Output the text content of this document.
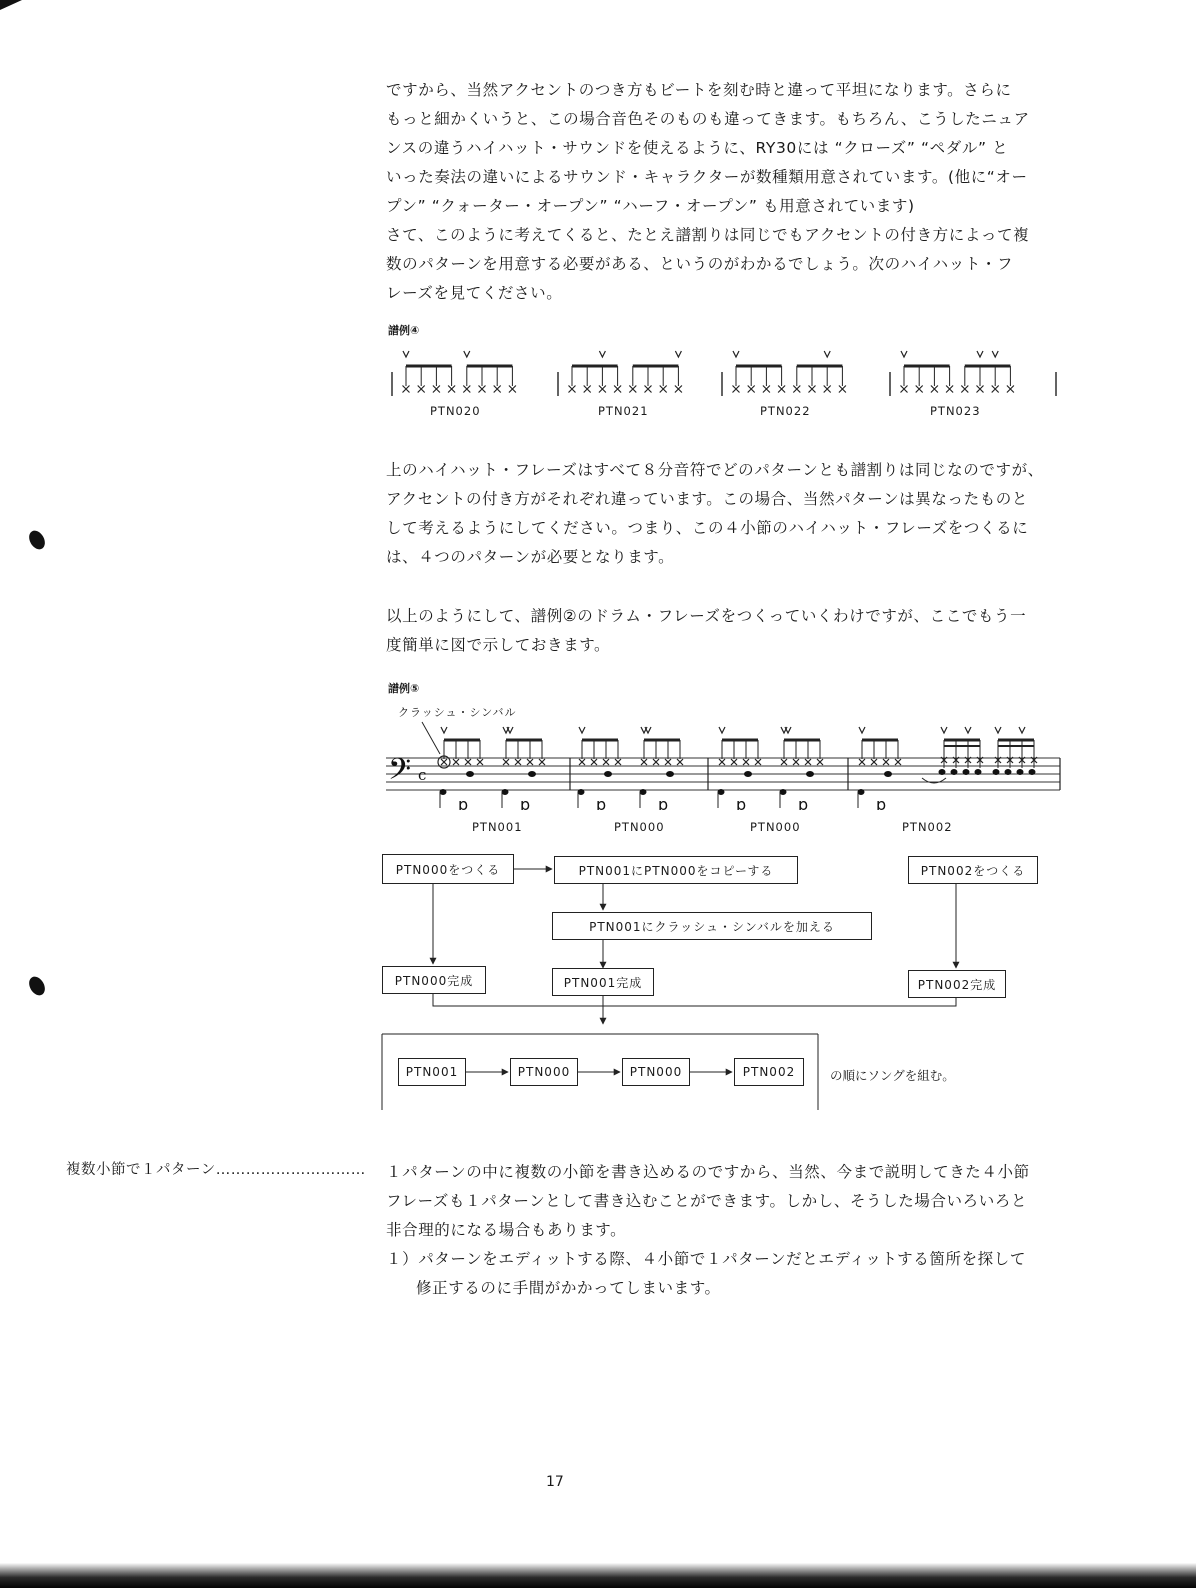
ですから、当然アクセントのつき方もビートを刻む時と違って平坦になります。さらに
もっと細かくいうと、この場合音色そのものも違ってきます。もちろん、こうしたニュア
ンスの違うハイハット・サウンドを使えるように、RY30には “クローズ” “ペダル” と
いった奏法の違いによるサウンド・キャラクターが数種類用意されています。(他に“オー
プン” “クォーター・オープン” “ハーフ・オープン” も用意されています)
さて、このように考えてくると、たとえ譜割りは同じでもアクセントの付き方によって複
数のパターンを用意する必要がある、というのがわかるでしょう。次のハイハット・フ
レーズを見てください。
譜例④
PTN020	PTN021	PTN022	PTN023
上のハイハット・フレーズはすべて８分音符でどのパターンとも譜割りは同じなのですが、
アクセントの付き方がそれぞれ違っています。この場合、当然パターンは異なったものと
して考えるようにしてください。つまり、この４小節のハイハット・フレーズをつくるに
は、４つのパターンが必要となります。
以上のようにして、譜例②のドラム・フレーズをつくっていくわけですが、ここでもう一
度簡単に図で示しておきます。
譜例⑤
クラッシュ・シンバル
𝄢 c
ɒ	ɒ	ɒ	ɒ	ɒ	ɒ	ɒ
PTN001	PTN000	PTN000	PTN002
PTN000をつくる	PTN001にPTN000をコピーする	PTN002をつくる
PTN001にクラッシュ・シンバルを加える
PTN000完成	PTN001完成	PTN002完成
PTN001	PTN000	PTN000	PTN002	の順にソングを組む。
複数小節で１パターン………………………… １パターンの中に複数の小節を書き込めるのですから、当然、今まで説明してきた４小節
フレーズも１パターンとして書き込むことができます。しかし、そうした場合いろいろと
非合理的になる場合もあります。
１）パターンをエディットする際、４小節で１パターンだとエディットする箇所を探して
修正するのに手間がかかってしまいます。
17
